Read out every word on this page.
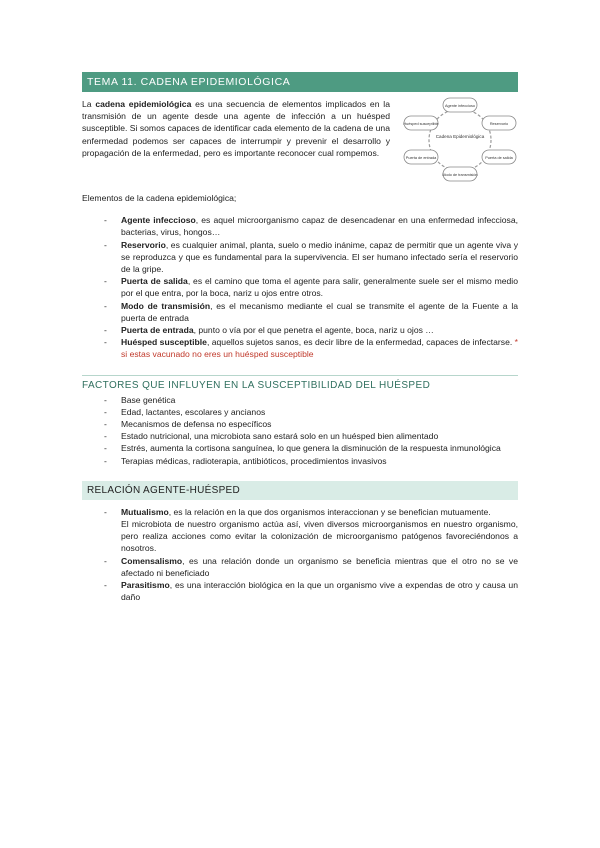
TEMA 11. CADENA EPIDEMIOLÓGICA

La cadena epidemiológica es una secuencia de elementos implicados en la transmisión de un agente desde una agente de infección a un huésped susceptible. Si somos capaces de identificar cada elemento de la cadena de una enfermedad podemos ser capaces de interrumpir y prevenir el desarrollo y propagación de la enfermedad, pero es importante reconocer cual rompemos.

Cadena Epidemiológica
Agente infeccioso
Reservorio
Puerta de salida
Modo de transmisión
Puerta de entrada
Huésped susceptible

Elementos de la cadena epidemiológica;

- Agente infeccioso, es aquel microorganismo capaz de desencadenar en una enfermedad infecciosa, bacterias, virus, hongos…
- Reservorio, es cualquier animal, planta, suelo o medio inánime, capaz de permitir que un agente viva y se reproduzca y que es fundamental para la supervivencia. El ser humano infectado sería el reservorio de la gripe.
- Puerta de salida, es el camino que toma el agente para salir, generalmente suele ser el mismo medio por el que entra, por la boca, nariz u ojos entre otros.
- Modo de transmisión, es el mecanismo mediante el cual se transmite el agente de la Fuente a la puerta de entrada
- Puerta de entrada, punto o vía por el que penetra el agente, boca, nariz u ojos …
- Huésped susceptible, aquellos sujetos sanos, es decir libre de la enfermedad, capaces de infectarse. * si estas vacunado no eres un huésped susceptible
FACTORES QUE INFLUYEN EN LA SUSCEPTIBILIDAD DEL HUÉSPED
- Base genética
- Edad, lactantes, escolares y ancianos
- Mecanismos de defensa no específicos
- Estado nutricional, una microbiota sano estará solo en un huésped bien alimentado
- Estrés, aumenta la cortisona sanguínea, lo que genera la disminución de la respuesta inmunológica
- Terapias médicas, radioterapia, antibióticos, procedimientos invasivos
RELACIÓN AGENTE-HUÉSPED
- Mutualismo, es la relación en la que dos organismos interaccionan y se benefician mutuamente.
El microbiota de nuestro organismo actúa así, viven diversos microorganismos en nuestro organismo, pero realiza acciones como evitar la colonización de microorganismo patógenos favoreciéndonos a nosotros.
- Comensalismo, es una relación donde un organismo se beneficia mientras que el otro no se ve afectado ni beneficiado
- Parasitismo, es una interacción biológica en la que un organismo vive a expendas de otro y causa un daño
